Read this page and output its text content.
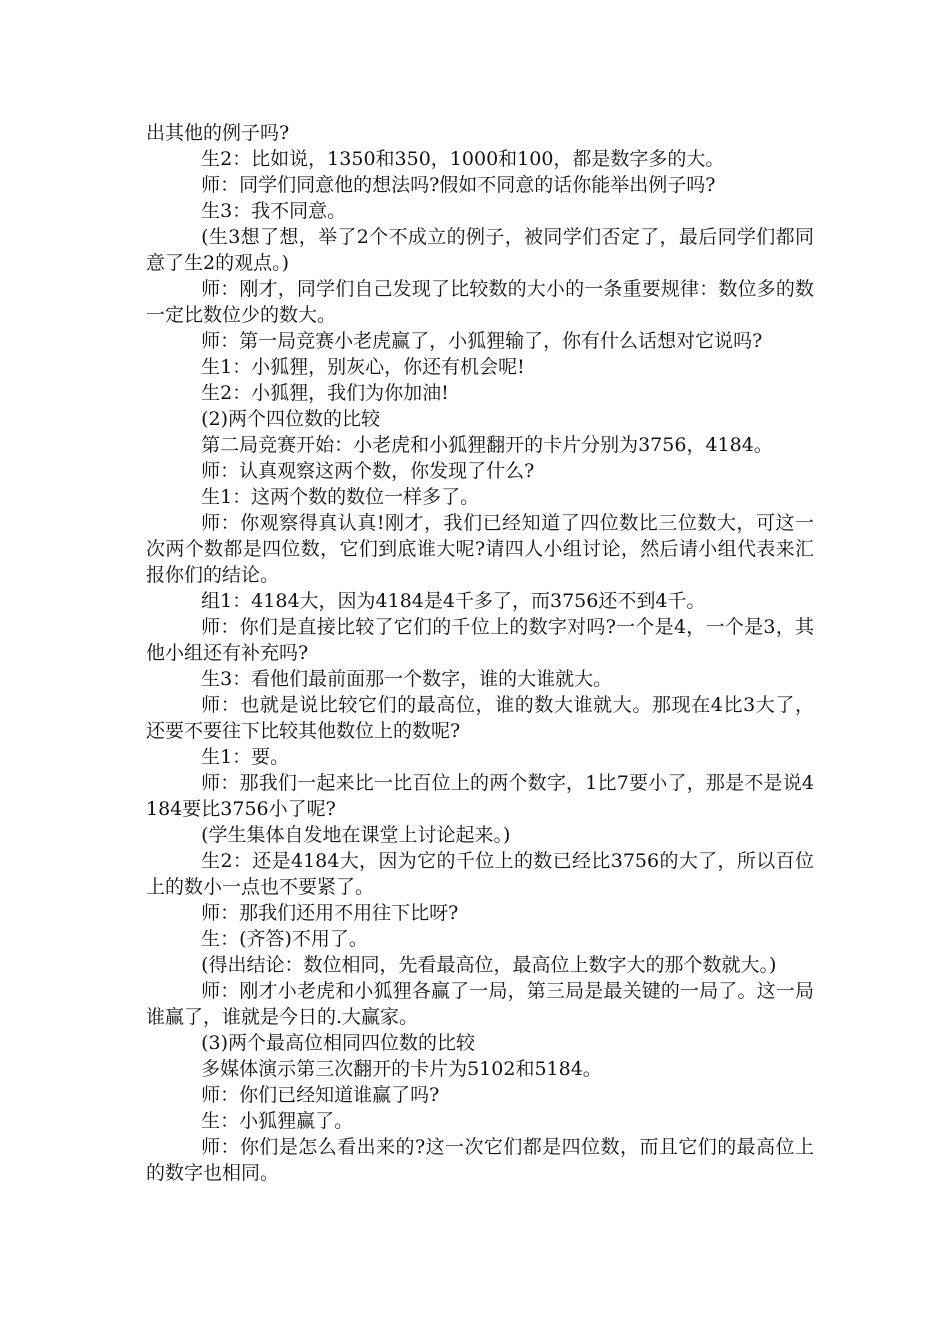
出其他的例子吗?

生2：比如说，1350和350，1000和100，都是数字多的大。

师：同学们同意他的想法吗?假如不同意的话你能举出例子吗?

生3：我不同意。

(生3想了想，举了2个不成立的例子，被同学们否定了，最后同学们都同意了生2的观点。)

师：刚才，同学们自己发现了比较数的大小的一条重要规律：数位多的数一定比数位少的数大。

师：第一局竞赛小老虎赢了，小狐狸输了，你有什么话想对它说吗?

生1：小狐狸，别灰心，你还有机会呢!

生2：小狐狸，我们为你加油!

(2)两个四位数的比较

第二局竞赛开始：小老虎和小狐狸翻开的卡片分别为3756，4184。

师：认真观察这两个数，你发现了什么?

生1：这两个数的数位一样多了。

师：你观察得真认真!刚才，我们已经知道了四位数比三位数大，可这一次两个数都是四位数，它们到底谁大呢?请四人小组讨论，然后请小组代表来汇报你们的结论。

组1：4184大，因为4184是4千多了，而3756还不到4千。

师：你们是直接比较了它们的千位上的数字对吗?一个是4，一个是3，其他小组还有补充吗?

生3：看他们最前面那一个数字，谁的大谁就大。

师：也就是说比较它们的最高位，谁的数大谁就大。那现在4比3大了，还要不要往下比较其他数位上的数呢?

生1：要。

师：那我们一起来比一比百位上的两个数字，1比7要小了，那是不是说4184要比3756小了呢?

(学生集体自发地在课堂上讨论起来。)

生2：还是4184大，因为它的千位上的数已经比3756的大了，所以百位上的数小一点也不要紧了。

师：那我们还用不用往下比呀?

生：(齐答)不用了。

(得出结论：数位相同，先看最高位，最高位上数字大的那个数就大。)

师：刚才小老虎和小狐狸各赢了一局，第三局是最关键的一局了。这一局谁赢了，谁就是今日的.大赢家。

(3)两个最高位相同四位数的比较

多媒体演示第三次翻开的卡片为5102和5184。

师：你们已经知道谁赢了吗?

生：小狐狸赢了。

师：你们是怎么看出来的?这一次它们都是四位数，而且它们的最高位上的数字也相同。
